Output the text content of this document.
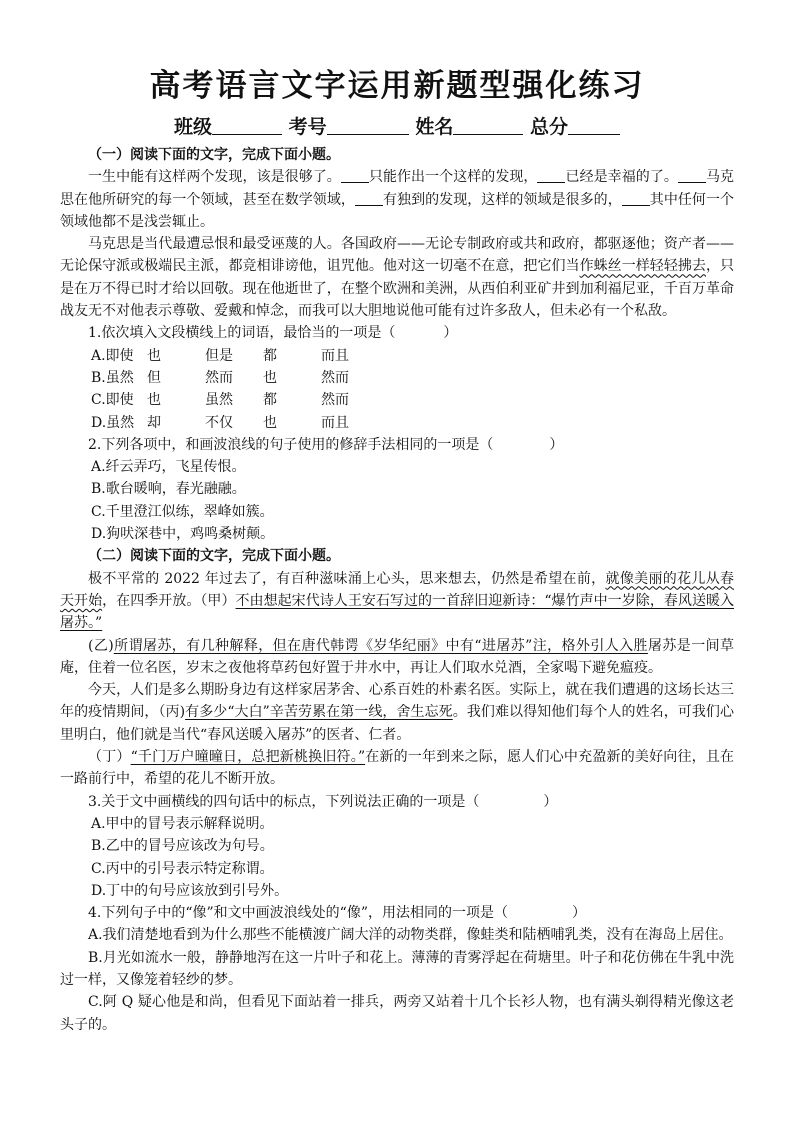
高考语言文字运用新题型强化练习
班级	考号	姓名	总分

（一）阅读下面的文字，完成下面小题。

一生中能有这样两个发现，该是很够了。 只能作出一个这样的发现， 已经是幸福的了。 马克思在他所研究的每一个领域，甚至在数学领域， 有独到的发现，这样的领域是很多的， 其中任何一个领域他都不是浅尝辄止。

马克思是当代最遭忌恨和最受诬蔑的人。各国政府——无论专制政府或共和政府，都驱逐他；资产者——无论保守派或极端民主派，都竞相诽谤他，诅咒他。他对这一切毫不在意，把它们当作蛛丝一样轻轻拂去，只是在万不得已时才给以回敬。现在他逝世了，在整个欧洲和美洲，从西伯利亚矿井到加利福尼亚，千百万革命战友无不对他表示尊敬、爱戴和悼念，而我可以大胆地说他可能有过许多敌人，但未必有一个私敌。

1.依次填入文段横线上的词语，最恰当的一项是（	）

A.即使 也	但是 都	而且

B.虽然 但	然而 也	然而

C.即使 也	虽然 都	然而

D.虽然 却	不仅 也	而且

2.下列各项中，和画波浪线的句子使用的修辞手法相同的一项是（	）

A.纤云弄巧，飞星传恨。

B.歌台暖响，春光融融。

C.千里澄江似练，翠峰如簇。

D.狗吠深巷中，鸡鸣桑树颠。

（二）阅读下面的文字，完成下面小题。

极不平常的 2022 年过去了，有百种滋味涌上心头，思来想去，仍然是希望在前，就像美丽的花儿从春天开始，在四季开放。（甲）不由想起宋代诗人王安石写过的一首辞旧迎新诗：“爆竹声中一岁除，春风送暖入屠苏。”

(乙)所谓屠苏，有几种解释，但在唐代韩谔《岁华纪丽》中有“进屠苏”注，格外引人入胜屠苏是一间草庵，住着一位名医，岁末之夜他将草药包好置于井水中，再让人们取水兑酒，全家喝下避免瘟疫。

今天，人们是多么期盼身边有这样家居茅舍、心系百姓的朴素名医。实际上，就在我们遭遇的这场长达三年的疫情期间，（丙)有多少“大白”辛苦劳累在第一线，舍生忘死。我们难以得知他们每个人的姓名，可我们心里明白，他们就是当代“春风送暖入屠苏”的医者、仁者。

（丁）“千门万户曈曈日，总把新桃换旧符。”在新的一年到来之际，愿人们心中充盈新的美好向往，且在一路前行中，希望的花儿不断开放。

3.关于文中画横线的四句话中的标点，下列说法正确的一项是（	）

A.甲中的冒号表示解释说明。

B.乙中的冒号应该改为句号。

C.丙中的引号表示特定称谓。

D.丁中的句号应该放到引号外。

4.下列句子中的“像”和文中画波浪线处的“像”，用法相同的一项是（	）

A.我们清楚地看到为什么那些不能横渡广阔大洋的动物类群，像蛙类和陆栖哺乳类，没有在海岛上居住。

B.月光如流水一般，静静地泻在这一片叶子和花上。薄薄的青雾浮起在荷塘里。叶子和花仿佛在牛乳中洗过一样，又像笼着轻纱的梦。

C.阿 Q 疑心他是和尚，但看见下面站着一排兵，两旁又站着十几个长衫人物，也有满头剃得精光像这老头子的。
